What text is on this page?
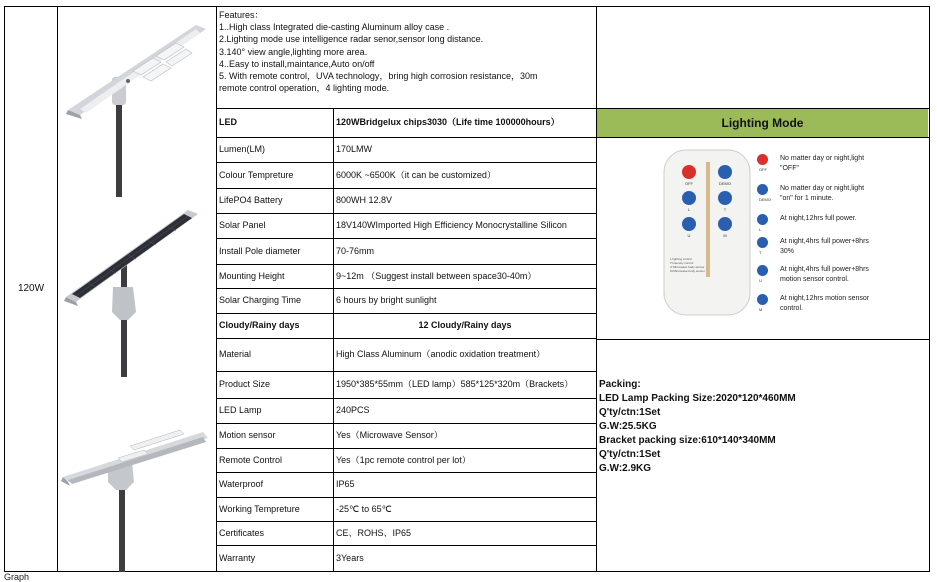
120W
Features：
1..High class Integrated die-casting Aluminum alloy case .
2.Lighting mode use intelligence radar senor,sensor long distance.
3.140° view angle,lighting more area.
4..Easy to install,maintance,Auto on/off
5. With remote control，UVA technology，bring high corrosion resistance，30m
remote control operation，4 lighting mode.
LED	120WBridgelux chips3030（Life time 100000hours）
Lumen(LM)	170LMW
Colour Tempreture	6000K ~6500K（it can be customized）
LifePO4 Battery	800WH 12.8V
Solar Panel	18V140WImported High Efficiency Monocrystalline Silicon
Install Pole diameter	70-76mm
Mounting Height	9~12m （Suggest install between space30-40m）
Solar Charging Time	6 hours by bright sunlight
Cloudy/Rainy days	12 Cloudy/Rainy days
Material	High Class Aluminum（anodic oxidation treatment）
Product Size	1950*385*55mm（LED lamp）585*125*320m（Brackets）
LED Lamp	240PCS
Motion sensor	Yes（Microwave Sensor）
Remote Control	Yes（1pc remote control per lot）
Waterproof	IP65
Working Tempreture	-25℃ to 65℃
Certificates	CE、ROHS、IP65
Warranty	3Years
Lighting Mode
OFF	DEMO
L	T
U	M
L:lighting control
T:Intensity control
U:Microwave body sensor
M:Microwave body sensor
OFF
No matter day or night,light
"OFF"
DEMO
No matter day or night,light
"on" for 1 minute.
L
At night,12hrs full power.
T
At night,4hrs full power+8hrs
30%
U
At night,4hrs full power+8hrs
motion sensor control.
M
At night,12hrs motion sensor
control.
Packing:
LED Lamp Packing Size:2020*120*460MM
Q'ty/ctn:1Set
G.W:25.5KG
Bracket packing size:610*140*340MM
Q'ty/ctn:1Set
G.W:2.9KG
Graph
